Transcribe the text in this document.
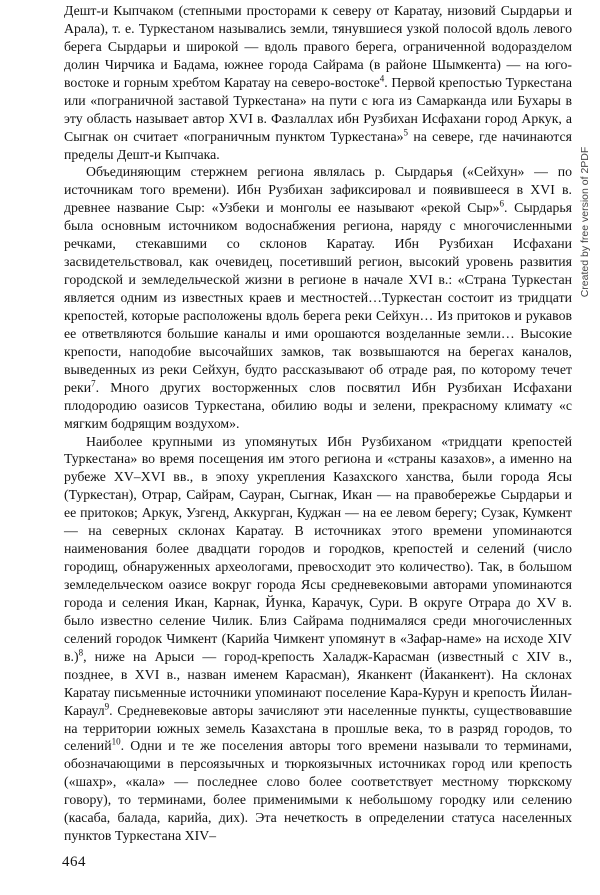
Дешт-и Кыпчаком (степными просторами к северу от Каратау, низовий Сырдарьи и Арала), т. е. Туркестаном назывались земли, тянувшиеся узкой полосой вдоль левого берега Сырдарьи и широкой — вдоль правого берега, ограниченной водоразделом долин Чирчика и Бадама, южнее города Сайрама (в районе Шымкента) — на юго-востоке и горным хребтом Каратау на северо-востоке$^4$. Первой крепостью Туркестана или «пограничной заставой Туркестана» на пути с юга из Самарканда или Бухары в эту область называет автор XVI в. Фазлаллах ибн Рузбихан Исфахани город Аркук, а Сыгнак он считает «пограничным пунктом Туркестана»$^5$ на севере, где начинаются пределы Дешт-и Кыпчака.

Объединяющим стержнем региона являлась р. Сырдарья («Сейхун» — по источникам того времени). Ибн Рузбихан зафиксировал и появившееся в XVI в. древнее название Сыр: «Узбеки и монголы ее называют «рекой Сыр»$^6$. Сырдарья была основным источником водоснабжения региона, наряду с многочисленными речками, стекавшими со склонов Каратау. Ибн Рузбихан Исфахани засвидетельствовал, как очевидец, посетивший регион, высокий уровень развития городской и земледельческой жизни в регионе в начале XVI в.: «Страна Туркестан является одним из известных краев и местностей…Туркестан состоит из тридцати крепостей, которые расположены вдоль берега реки Сейхун… Из притоков и рукавов ее ответвляются большие каналы и ими орошаются возделанные земли… Высокие крепости, наподобие высочайших замков, так возвышаются на берегах каналов, выведенных из реки Сейхун, будто рассказывают об отраде рая, по которому течет реки$^7$. Много других восторженных слов посвятил Ибн Рузбихан Исфахани плодородию оазисов Туркестана, обилию воды и зелени, прекрасному климату «с мягким бодрящим воздухом».

Наиболее крупными из упомянутых Ибн Рузбиханом «тридцати крепостей Туркестана» во время посещения им этого региона и «страны казахов», а именно на рубеже XV–XVI вв., в эпоху укрепления Казахского ханства, были города Ясы (Туркестан), Отрар, Сайрам, Сауран, Сыгнак, Икан — на правобережье Сырдарьи и ее притоков; Аркук, Узгенд, Аккурган, Куджан — на ее левом берегу; Сузак, Кумкент — на северных склонах Каратау. В источниках этого времени упоминаются наименования более двадцати городов и городков, крепостей и селений (число городищ, обнаруженных археологами, превосходит это количество). Так, в большом земледельческом оазисе вокруг города Ясы средневековыми авторами упоминаются города и селения Икан, Карнак, Йунка, Карачук, Сури. В округе Отрара до XV в. было известно селение Чилик. Близ Сайрама поднималяся среди многочисленных селений городок Чимкент (Карийа Чимкент упомянут в «Зафар-наме» на исходе XIV в.)$^8$, ниже на Арыси — город-крепость Халадж-Карасман (известный с XIV в., позднее, в XVI в., назван именем Карасман), Яканкент (Йаканкент). На склонах Каратау письменные источники упоминают поселение Кара-Курун и крепость Йилан-Караул$^9$. Средневековые авторы зачисляют эти населенные пункты, существовавшие на территории южных земель Казахстана в прошлые века, то в разряд городов, то селений$^{10}$. Одни и те же поселения авторы того времени называли то терминами, обозначающими в персоязычных и тюркоязычных источниках город или крепость («шахр», «кала» — последнее слово более соответствует местному тюркскому говору), то терминами, более применимыми к небольшому городку или селению (касаба, балада, карийа, дих). Эта нечеткость в определении статуса населенных пунктов Туркестана XIV–

464
Created by free version of 2PDF
